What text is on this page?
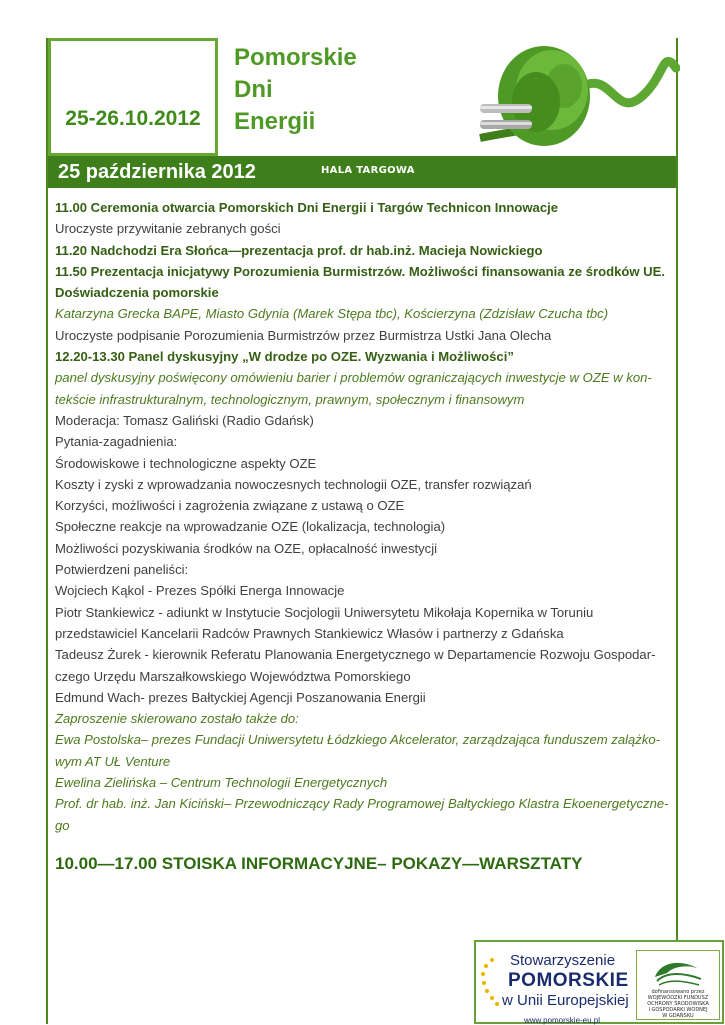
25-26.10.2012
Pomorskie
Dni
Energii
25 października 2012	HALA TARGOWA
11.00 Ceremonia otwarcia Pomorskich Dni Energii i Targów Technicon Innowacje
Uroczyste przywitanie zebranych gości
11.20 Nadchodzi Era Słońca—prezentacja prof. dr hab.inż. Macieja Nowickiego
11.50 Prezentacja inicjatywy Porozumienia Burmistrzów. Możliwości finansowania ze środków UE.
Doświadczenia pomorskie
Katarzyna Grecka BAPE, Miasto Gdynia (Marek Stępa tbc), Kościerzyna (Zdzisław Czucha tbc)
Uroczyste podpisanie Porozumienia Burmistrzów przez Burmistrza Ustki Jana Olecha
12.20-13.30 Panel dyskusyjny „W drodze po OZE. Wyzwania i Możliwości”
panel dyskusyjny poświęcony omówieniu barier i problemów ograniczających inwestycje w OZE w kon-
tekście infrastrukturalnym, technologicznym, prawnym, społecznym i finansowym
Moderacja: Tomasz Galiński (Radio Gdańsk)
Pytania-zagadnienia:
Środowiskowe i technologiczne aspekty OZE
Koszty i zyski z wprowadzania nowoczesnych technologii OZE, transfer rozwiązań
Korzyści, możliwości i zagrożenia związane z ustawą o OZE
Społeczne reakcje na wprowadzanie OZE (lokalizacja, technologia)
Możliwości pozyskiwania środków na OZE, opłacalność inwestycji
Potwierdzeni paneliści:
Wojciech Kąkol - Prezes Spółki Energa Innowacje
Piotr Stankiewicz - adiunkt w Instytucie Socjologii Uniwersytetu Mikołaja Kopernika w Toruniu
przedstawiciel Kancelarii Radców Prawnych Stankiewicz Własów i partnerzy z Gdańska
Tadeusz Żurek - kierownik Referatu Planowania Energetycznego w Departamencie Rozwoju Gospodar-
czego Urzędu Marszałkowskiego Województwa Pomorskiego
Edmund Wach- prezes Bałtyckiej Agencji Poszanowania Energii
Zaproszenie skierowano zostało także do:
Ewa Postolska– prezes Fundacji Uniwersytetu Łódzkiego Akcelerator, zarządzająca funduszem zalążko-
wym AT UŁ Venture
Ewelina Zielińska – Centrum Technologii Energetycznych
Prof. dr hab. inż. Jan Kiciński– Przewodniczący Rady Programowej Bałtyckiego Klastra Ekoenergetyczne-
go
10.00—17.00 STOISKA INFORMACYJNE– POKAZY—WARSZTATY
Stowarzyszenie
POMORSKIE
w Unii Europejskiej
www.pomorskie-eu.pl
dofinansowano przez
WOJEWÓDZKI FUNDUSZ
OCHRONY ŚRODOWISKA
I GOSPODARKI WODNEJ
W GDAŃSKU
